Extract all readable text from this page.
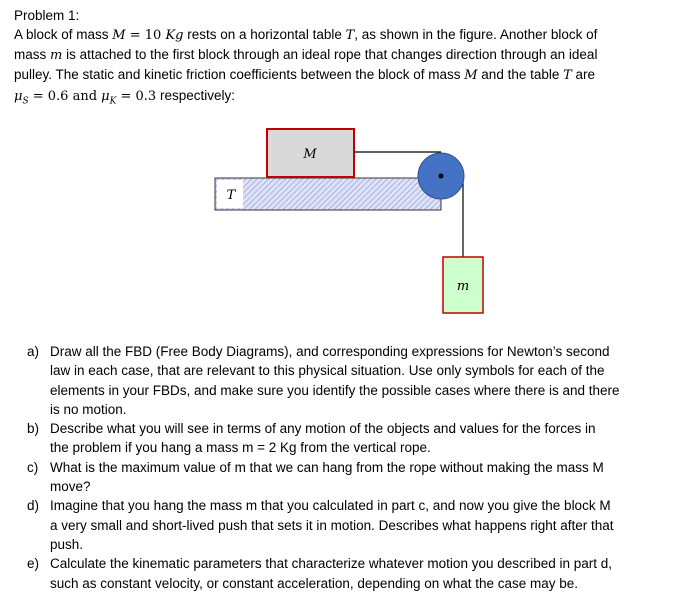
Problem 1:
A block of mass M = 10 Kg rests on a horizontal table T, as shown in the figure. Another block of
mass m is attached to the first block through an ideal rope that changes direction through an ideal
pulley. The static and kinetic friction coefficients between the block of mass M and the table T are
$\mu_S = 0.6$ and $\mu_K = 0.3$ respectively:
T
M
m
a) Draw all the FBD (Free Body Diagrams), and corresponding expressions for Newton’s second
law in each case, that are relevant to this physical situation. Use only symbols for each of the
elements in your FBDs, and make sure you identify the possible cases where there is and there
is no motion.
b) Describe what you will see in terms of any motion of the objects and values for the forces in
the problem if you hang a mass m = 2 Kg from the vertical rope.
c) What is the maximum value of m that we can hang from the rope without making the mass M
move?
d) Imagine that you hang the mass m that you calculated in part c, and now you give the block M
a very small and short-lived push that sets it in motion. Describes what happens right after that
push.
e) Calculate the kinematic parameters that characterize whatever motion you described in part d,
such as constant velocity, or constant acceleration, depending on what the case may be.
